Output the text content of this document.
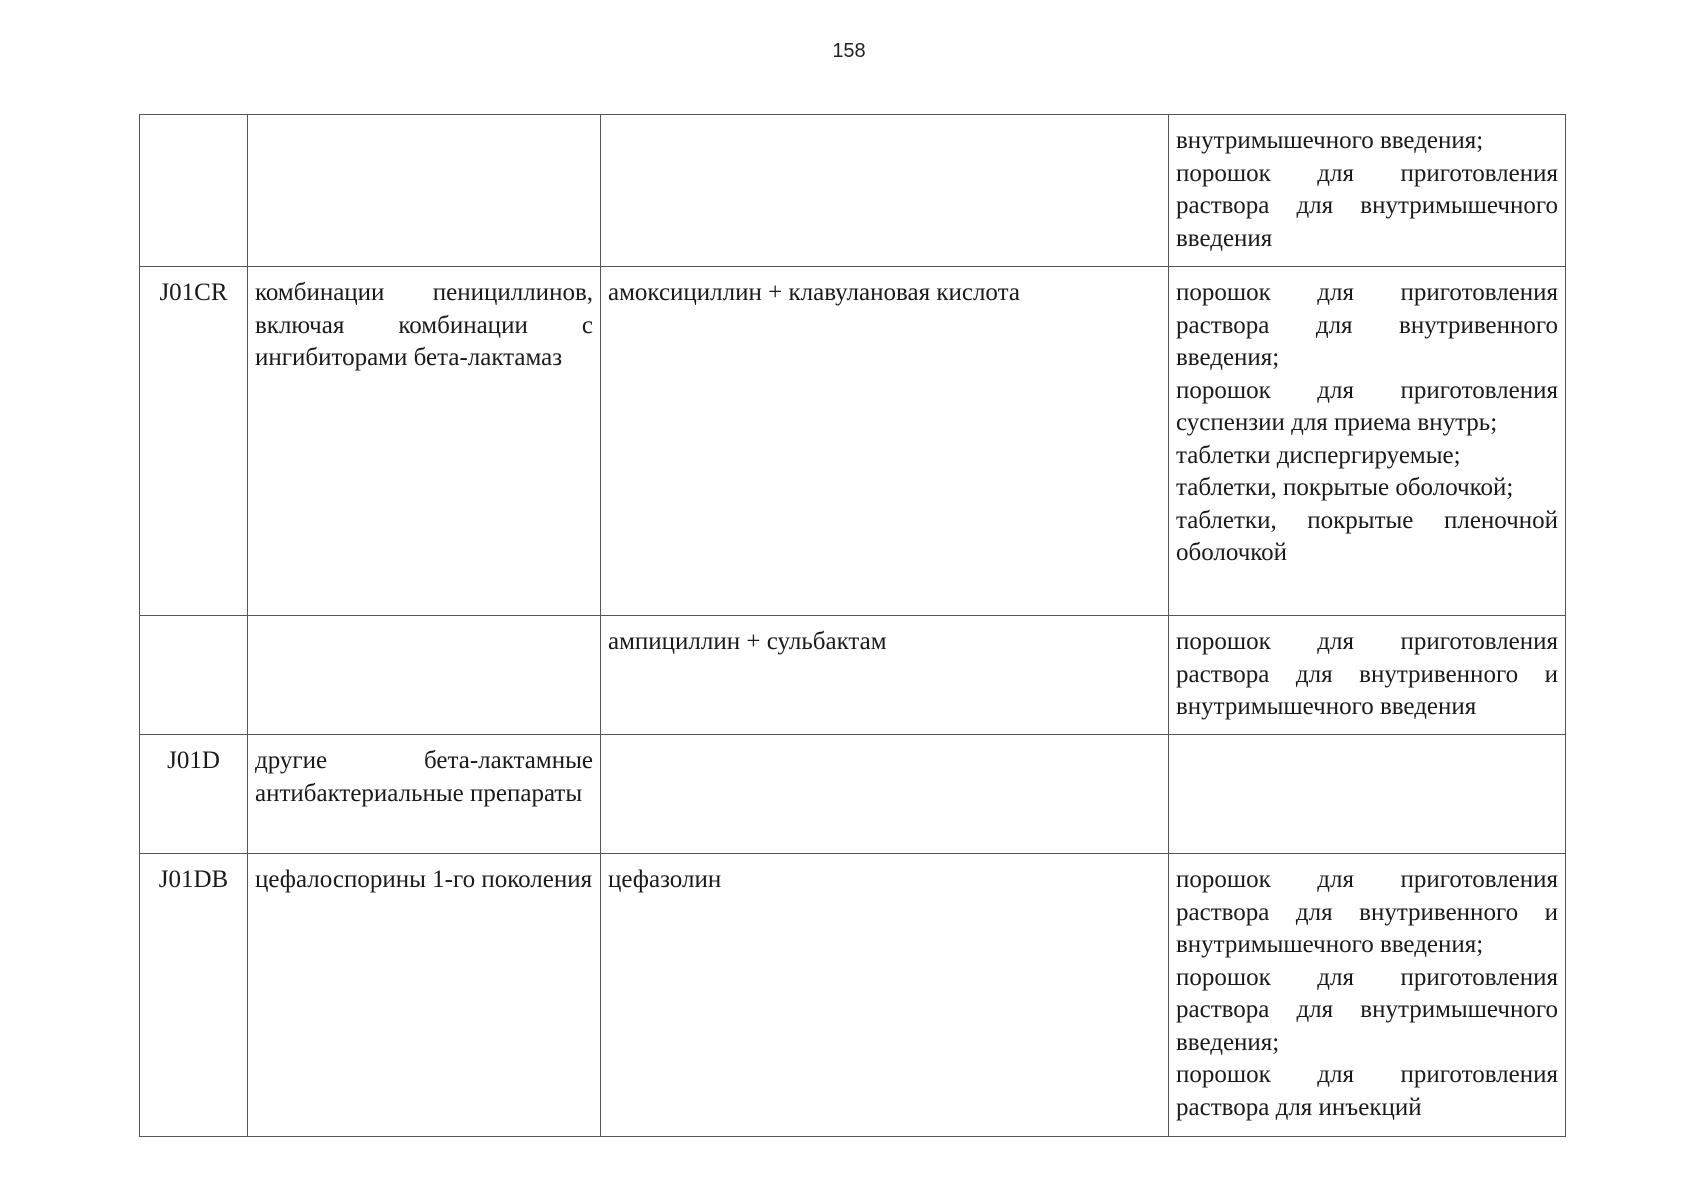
158

			внутримышечного введения;
порошок для приготовления раствора для внутримышечного введения

J01CR	комбинации пенициллинов, включая комбинации с ингибиторами бета-лактамаз	амоксициллин + клавулановая кислота	порошок для приготовления раствора для внутривенного введения;
порошок для приготовления суспензии для приема внутрь;
таблетки диспергируемые;
таблетки, покрытые оболочкой;
таблетки, покрытые пленочной оболочкой

		ампициллин + сульбактам	порошок для приготовления раствора для внутривенного и внутримышечного введения

J01D	другие бета-лактамные антибактериальные препараты		
J01DB	цефалоспорины 1-го поколения	цефазолин	порошок для приготовления раствора для внутривенного и внутримышечного введения;
порошок для приготовления раствора для внутримышечного введения;
порошок для приготовления раствора для инъекций
